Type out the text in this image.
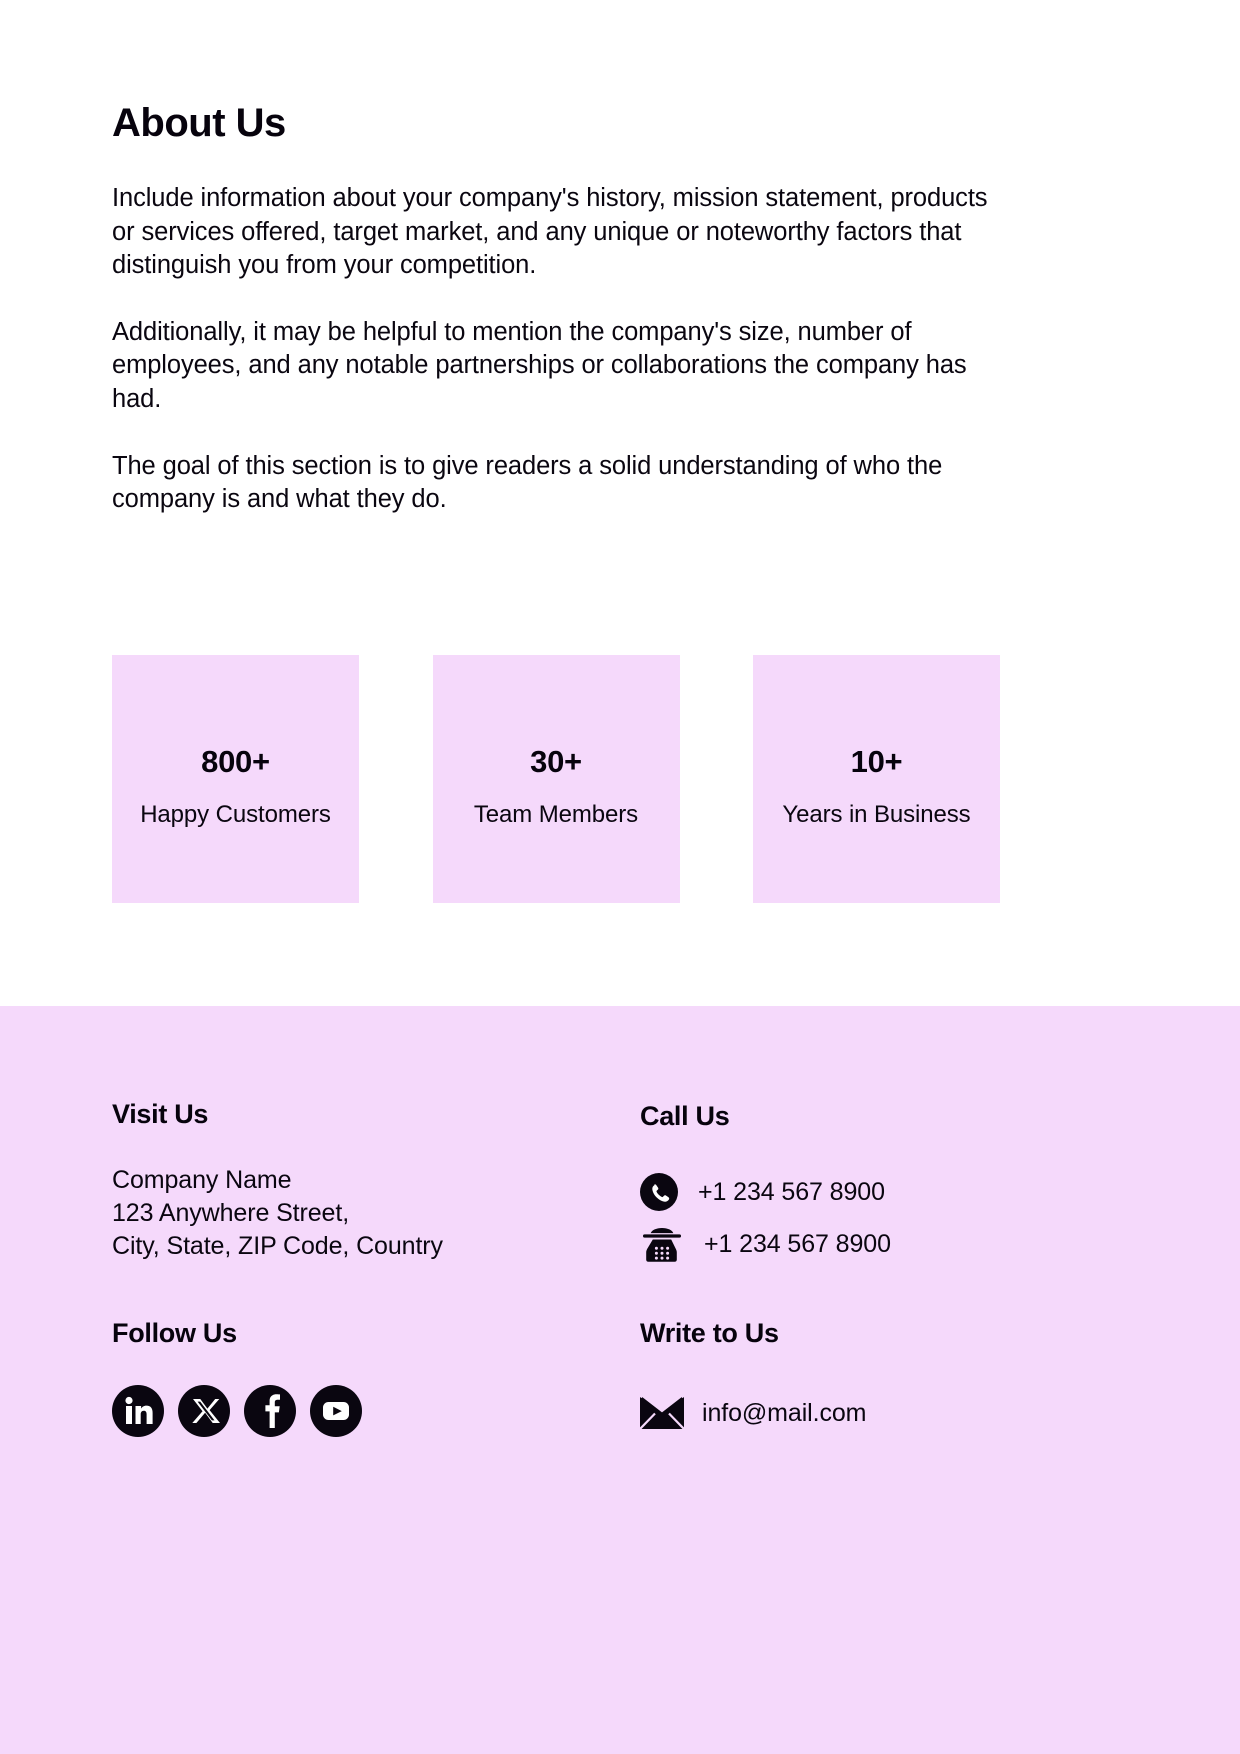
About Us

Include information about your company's history, mission statement, products or services offered, target market, and any unique or noteworthy factors that distinguish you from your competition.

Additionally, it may be helpful to mention the company's size, number of employees, and any notable partnerships or collaborations the company has had.

The goal of this section is to give readers a solid understanding of who the company is and what they do.

800+
Happy Customers
30+
Team Members
10+
Years in Business
Visit Us
Company Name
123 Anywhere Street,
City, State, ZIP Code, Country
Follow Us
Call Us
+1 234 567 8900
+1 234 567 8900
Write to Us
info@mail.com
